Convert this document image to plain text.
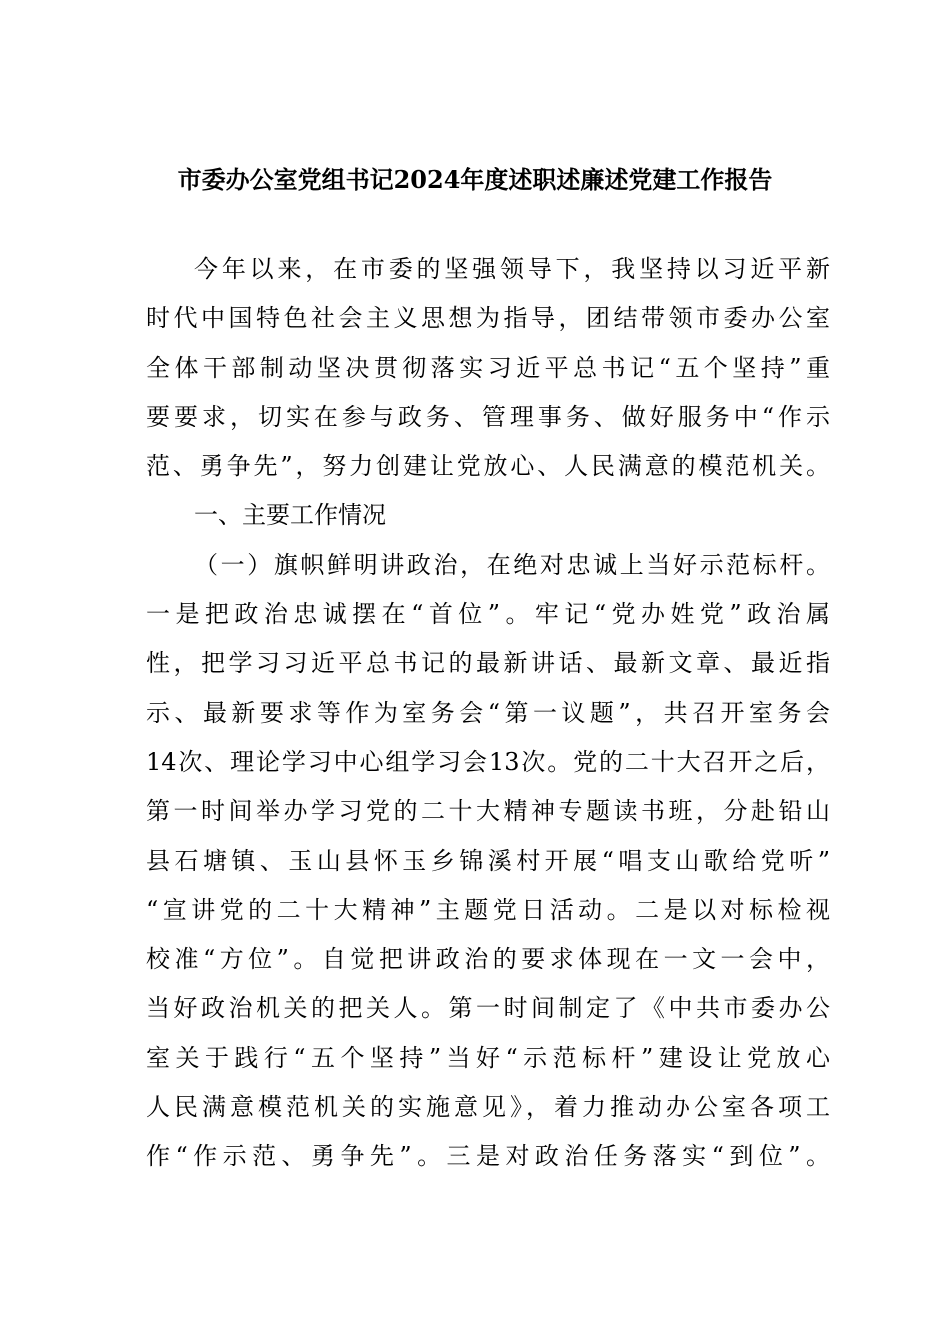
市委办公室党组书记2024年度述职述廉述党建工作报告
今年以来，在市委的坚强领导下，我坚持以习近平新
时代中国特色社会主义思想为指导，团结带领市委办公室
全体干部制动坚决贯彻落实习近平总书记“五个坚持”重
要要求，切实在参与政务、管理事务、做好服务中“作示
范、勇争先”，努力创建让党放心、人民满意的模范机关。
一、主要工作情况
（一）旗帜鲜明讲政治，在绝对忠诚上当好示范标杆。
一是把政治忠诚摆在“首位”。牢记“党办姓党”政治属
性，把学习习近平总书记的最新讲话、最新文章、最近指
示、最新要求等作为室务会“第一议题”，共召开室务会
14次、理论学习中心组学习会13次。党的二十大召开之后，
第一时间举办学习党的二十大精神专题读书班，分赴铅山
县石塘镇、玉山县怀玉乡锦溪村开展“唱支山歌给党听”
“宣讲党的二十大精神”主题党日活动。二是以对标检视
校准“方位”。自觉把讲政治的要求体现在一文一会中，
当好政治机关的把关人。第一时间制定了《中共市委办公
室关于践行“五个坚持”当好“示范标杆”建设让党放心
人民满意模范机关的实施意见》，着力推动办公室各项工
作“作示范、勇争先”。三是对政治任务落实“到位”。
